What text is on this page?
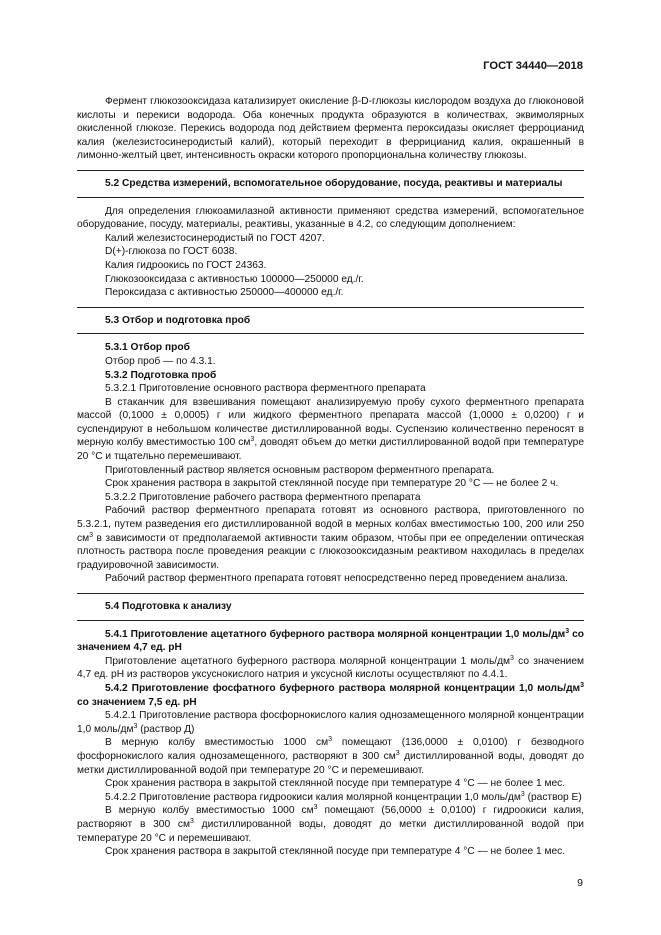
ГОСТ 34440—2018

Фермент глюкозооксидаза катализирует окисление β-D-глюкозы кислородом воздуха до глюконовой кислоты и перекиси водорода. Оба конечных продукта образуются в количествах, эквимолярных окисленной глюкозе. Перекись водорода под действием фермента пероксидазы окисляет ферроцианид калия (железистосинеродистый калий), который переходит в феррицианид калия, окрашенный в лимонно-желтый цвет, интенсивность окраски которого пропорциональна количеству глюкозы.

5.2 Средства измерений, вспомогательное оборудование, посуда, реактивы и материалы

Для определения глюкоамилазной активности применяют средства измерений, вспомогательное оборудование, посуду, материалы, реактивы, указанные в 4.2, со следующим дополнением:

Калий железистосинеродистый по ГОСТ 4207.
D(+)-глюкоза по ГОСТ 6038.
Калия гидроокись по ГОСТ 24363.
Глюкозооксидаза с активностью 100000—250000 ед./г.
Пероксидаза с активностью 250000—400000 ед./г.

5.3 Отбор и подготовка проб

5.3.1 Отбор проб
Отбор проб — по 4.3.1.
5.3.2 Подготовка проб
5.3.2.1 Приготовление основного раствора ферментного препарата

В стаканчик для взвешивания помещают анализируемую пробу сухого ферментного препарата массой (0,1000 ± 0,0005) г или жидкого ферментного препарата массой (1,0000 ± 0,0200) г и суспендируют в небольшом количестве дистиллированной воды. Суспензию количественно переносят в мерную колбу вместимостью 100 $см^3$, доводят объем до метки дистиллированной водой при температуре 20 °С и тщательно перемешивают.

Приготовленный раствор является основным раствором ферментного препарата.
Срок хранения раствора в закрытой стеклянной посуде при температуре 20 °С — не более 2 ч.
5.3.2.2 Приготовление рабочего раствора ферментного препарата

Рабочий раствор ферментного препарата готовят из основного раствора, приготовленного по 5.3.2.1, путем разведения его дистиллированной водой в мерных колбах вместимостью 100, 200 или 250 $см^3$ в зависимости от предполагаемой активности таким образом, чтобы при ее определении оптическая плотность раствора после проведения реакции с глюкозооксидазным реактивом находилась в пределах градуировочной зависимости.

Рабочий раствор ферментного препарата готовят непосредственно перед проведением анализа.

5.4 Подготовка к анализу

5.4.1 Приготовление ацетатного буферного раствора молярной концентрации 1,0 моль/$дм^3$ со значением 4,7 ед. рН

Приготовление ацетатного буферного раствора молярной концентрации 1 моль/$дм^3$ со значением 4,7 ед. рН из растворов уксуснокислого натрия и уксусной кислоты осуществляют по 4.4.1.

5.4.2 Приготовление фосфатного буферного раствора молярной концентрации 1,0 моль/$дм^3$ со значением 7,5 ед. рН

5.4.2.1 Приготовление раствора фосфорнокислого калия однозамещенного молярной концентрации 1,0 моль/$дм^3$ (раствор Д)

В мерную колбу вместимостью 1000 $см^3$ помещают (136,0000 ± 0,0100) г безводного фосфорнокислого калия однозамещенного, растворяют в 300 $см^3$ дистиллированной воды, доводят до метки дистиллированной водой при температуре 20 °С и перемешивают.

Срок хранения раствора в закрытой стеклянной посуде при температуре 4 °С — не более 1 мес.

5.4.2.2 Приготовление раствора гидроокиси калия молярной концентрации 1,0 моль/$дм^3$ (раствор Е)

В мерную колбу вместимостью 1000 $см^3$ помещают (56,0000 ± 0,0100) г гидроокиси калия, растворяют в 300 $см^3$ дистиллированной воды, доводят до метки дистиллированной водой при температуре 20 °С и перемешивают.

Срок хранения раствора в закрытой стеклянной посуде при температуре 4 °С — не более 1 мес.
9
